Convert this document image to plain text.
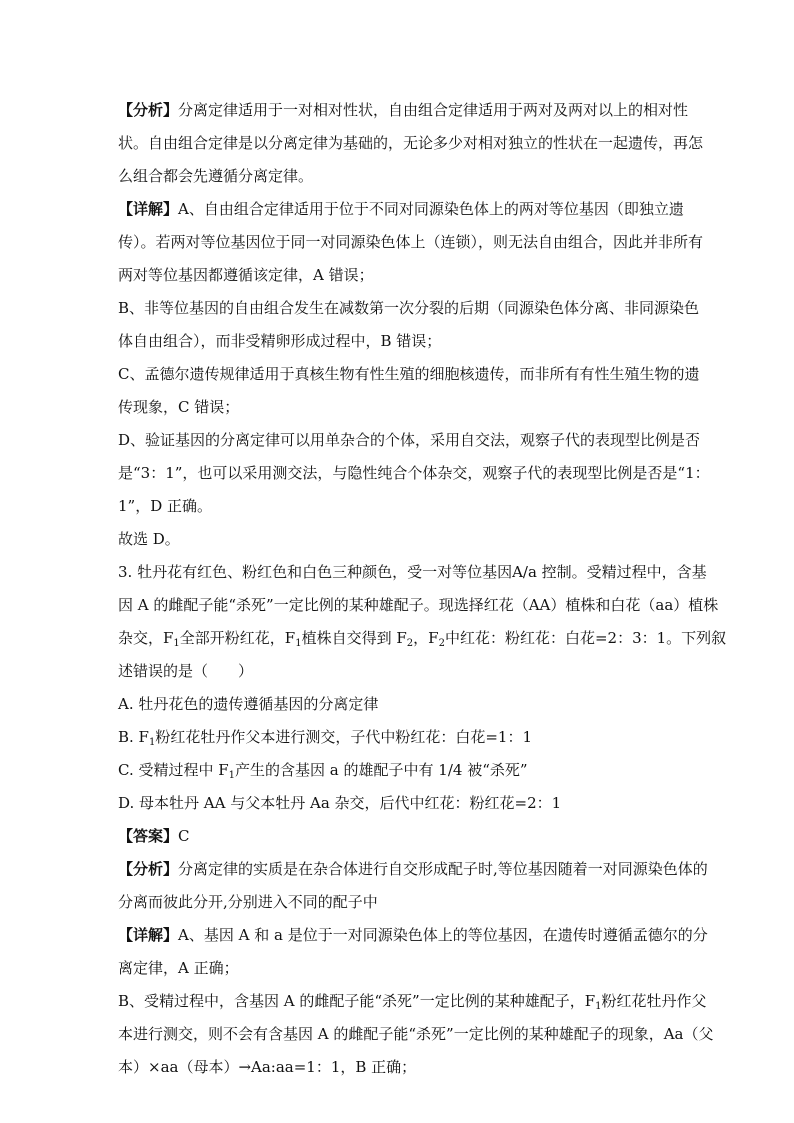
【分析】分离定律适用于一对相对性状，自由组合定律适用于两对及两对以上的相对性
状。自由组合定律是以分离定律为基础的，无论多少对相对独立的性状在一起遗传，再怎
么组合都会先遵循分离定律。
【详解】A、自由组合定律适用于位于不同对同源染色体上的两对等位基因（即独立遗
传）。若两对等位基因位于同一对同源染色体上（连锁），则无法自由组合，因此并非所有
两对等位基因都遵循该定律，A 错误；
B、非等位基因的自由组合发生在减数第一次分裂的后期（同源染色体分离、非同源染色
体自由组合），而非受精卵形成过程中，B 错误；
C、孟德尔遗传规律适用于真核生物有性生殖的细胞核遗传，而非所有有性生殖生物的遗
传现象，C 错误；
D、验证基因的分离定律可以用单杂合的个体，采用自交法，观察子代的表现型比例是否
是“3：1”，也可以采用测交法，与隐性纯合个体杂交，观察子代的表现型比例是否是“1：
1”，D 正确。
故选 D。
3. 牡丹花有红色、粉红色和白色三种颜色，受一对等位基因A/a 控制。受精过程中，含基
因 A 的雌配子能“杀死”一定比例的某种雄配子。现选择红花（AA）植株和白花（aa）植株
杂交，$F_1$全部开粉红花，$F_1$植株自交得到 $F_2$，$F_2$中红花：粉红花：白花=2：3：1。下列叙
述错误的是（　　）
A. 牡丹花色的遗传遵循基因的分离定律
B. $F_1$粉红花牡丹作父本进行测交，子代中粉红花：白花=1：1
C. 受精过程中 $F_1$产生的含基因 a 的雄配子中有 1/4 被“杀死”
D. 母本牡丹 AA 与父本牡丹 Aa 杂交，后代中红花：粉红花=2：1
【答案】C
【分析】分离定律的实质是在杂合体进行自交形成配子时,等位基因随着一对同源染色体的
分离而彼此分开,分别进入不同的配子中
【详解】A、基因 A 和 a 是位于一对同源染色体上的等位基因，在遗传时遵循孟德尔的分
离定律，A 正确；
B、受精过程中，含基因 A 的雌配子能“杀死”一定比例的某种雄配子，$F_1$粉红花牡丹作父
本进行测交，则不会有含基因 A 的雌配子能“杀死”一定比例的某种雄配子的现象，Aa（父
本）×aa（母本）→Aa:aa=1：1，B 正确；
